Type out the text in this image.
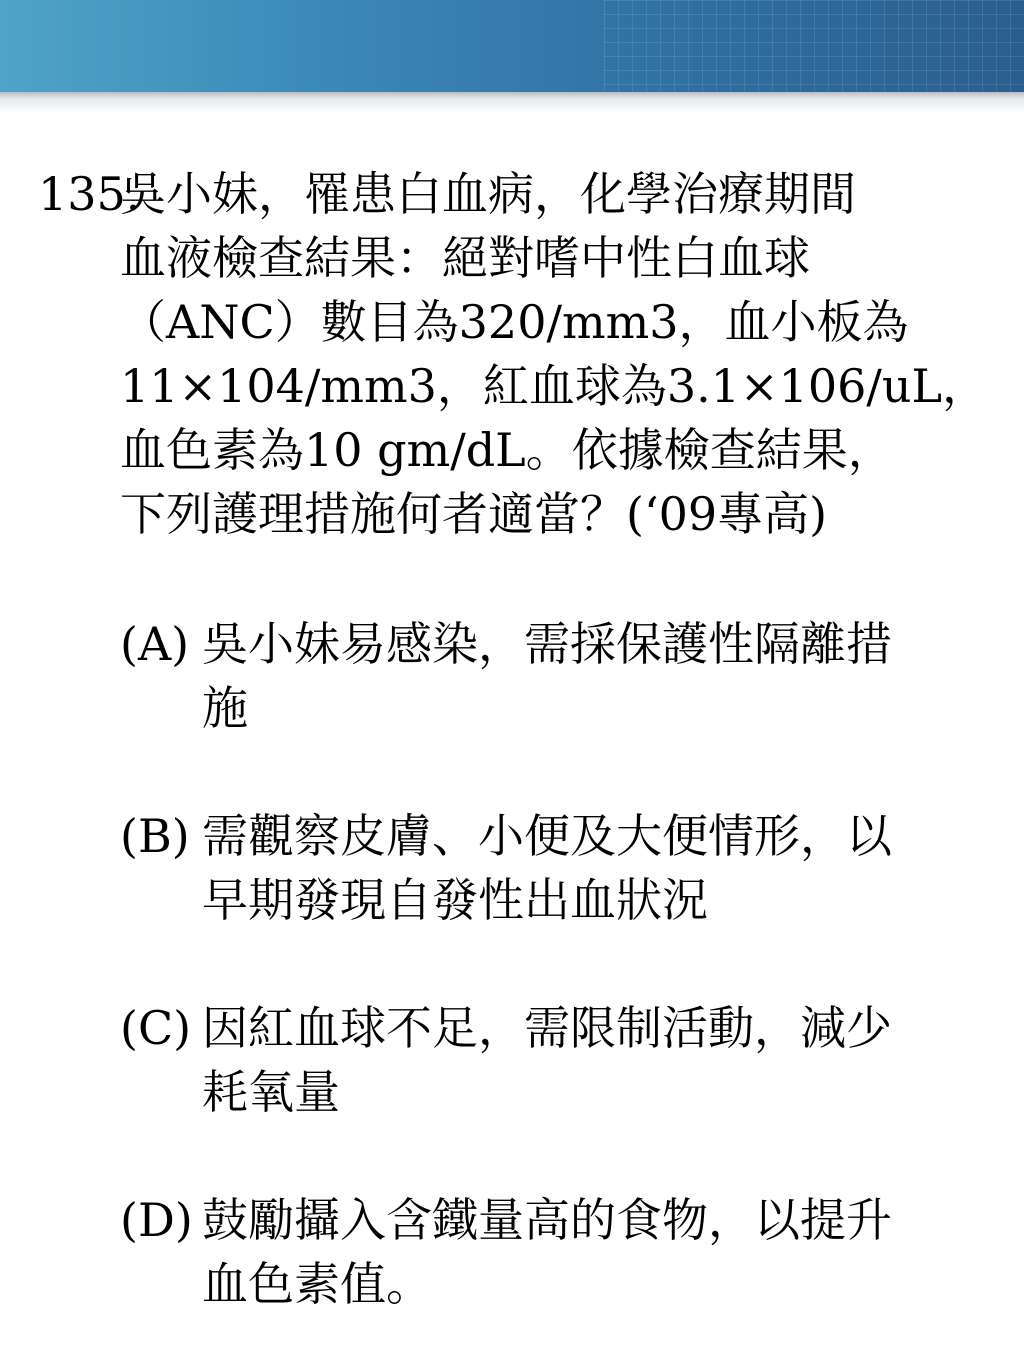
135.
吳小妹，罹患白血病，化學治療期間
血液檢查結果：絕對嗜中性白血球
（ANC）數目為320/mm3，血小板為
11×104/mm3，紅血球為3.1×106/uL，
血色素為10 gm/dL。依據檢查結果，
下列護理措施何者適當？(‘09專高)
(A) 吳小妹易感染，需採保護性隔離措
施
(B) 需觀察皮膚、小便及大便情形，以
早期發現自發性出血狀況
(C) 因紅血球不足，需限制活動，減少
耗氧量
(D) 鼓勵攝入含鐵量高的食物，以提升
血色素值。
